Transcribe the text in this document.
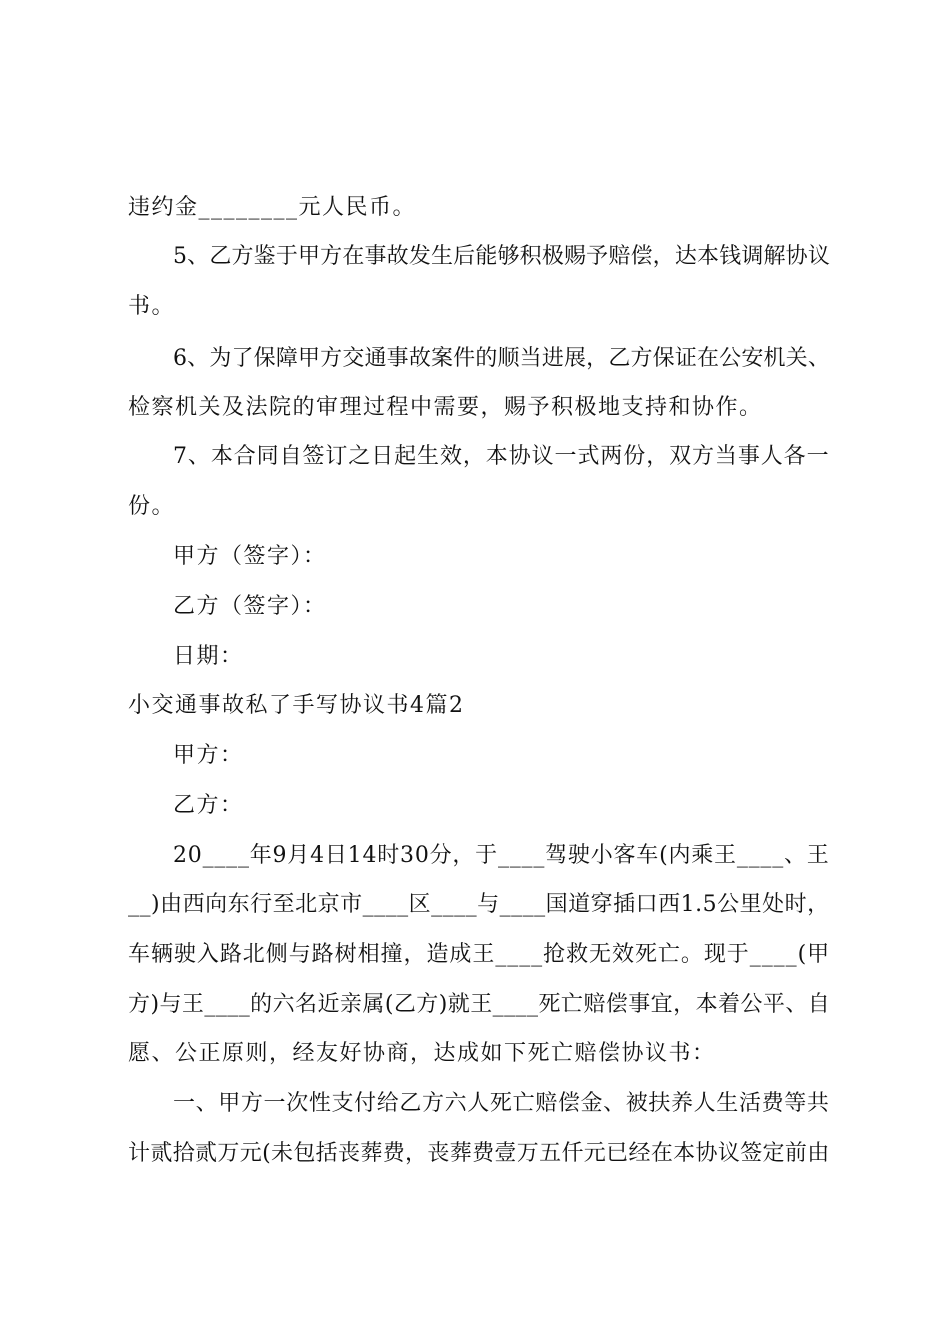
违约金________元人民币。
5、乙方鉴于甲方在事故发生后能够积极赐予赔偿，达本钱调解协议
书。
6、为了保障甲方交通事故案件的顺当进展，乙方保证在公安机关、
检察机关及法院的审理过程中需要，赐予积极地支持和协作。
7、本合同自签订之日起生效，本协议一式两份，双方当事人各一
份。
甲方（签字）：
乙方（签字）：
日期：
小交通事故私了手写协议书4篇2
甲方：
乙方：
20____年9月4日14时30分，于____驾驶小客车(内乘王____、王
__)由西向东行至北京市____区____与____国道穿插口西1.5公里处时，
车辆驶入路北侧与路树相撞，造成王____抢救无效死亡。现于____(甲
方)与王____的六名近亲属(乙方)就王____死亡赔偿事宜，本着公平、自
愿、公正原则，经友好协商，达成如下死亡赔偿协议书：
一、甲方一次性支付给乙方六人死亡赔偿金、被扶养人生活费等共
计贰拾贰万元(未包括丧葬费，丧葬费壹万五仟元已经在本协议签定前由
